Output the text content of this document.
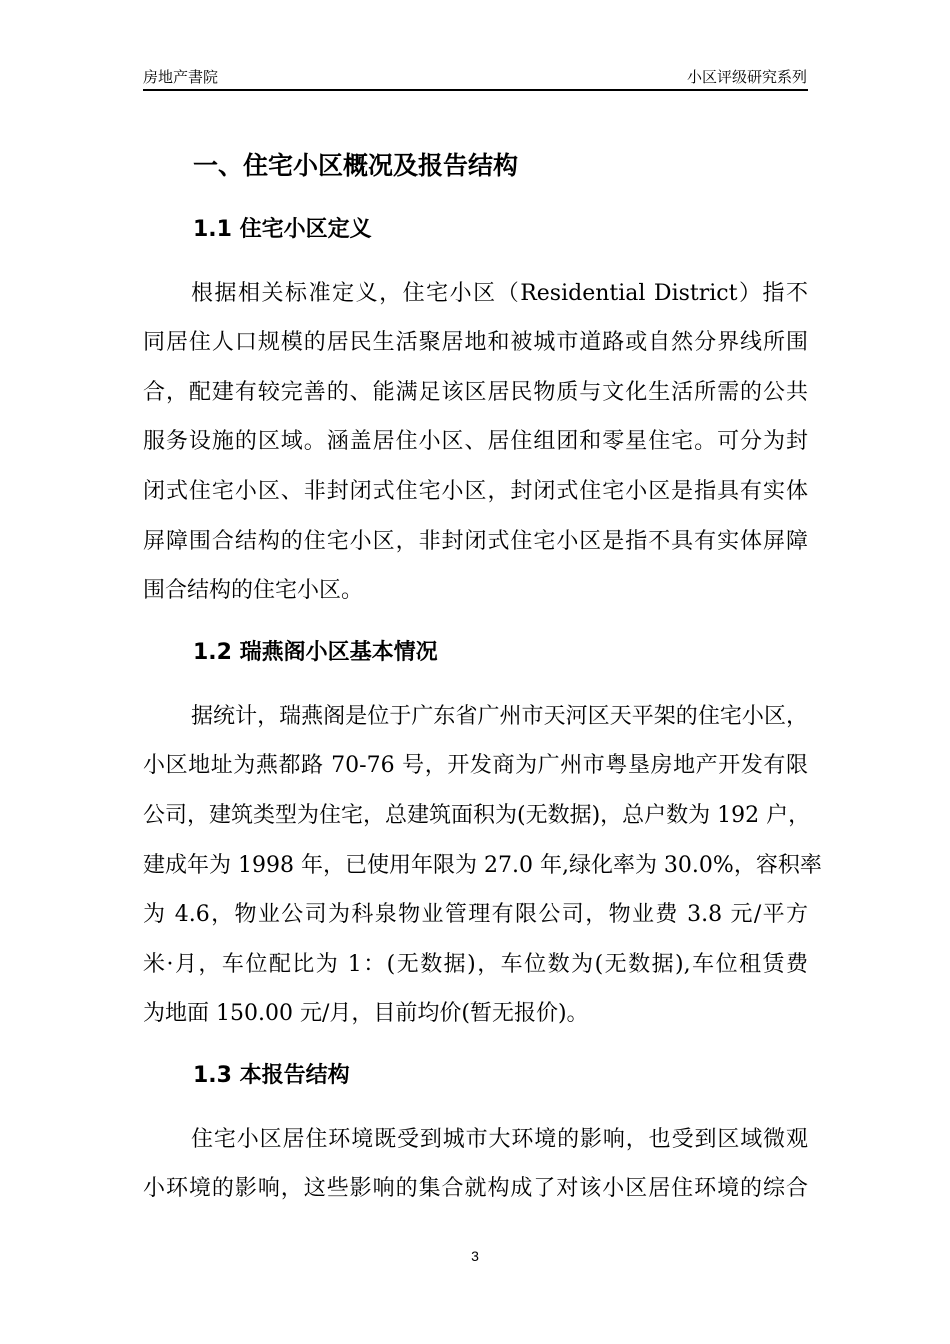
房地产書院	小区评级研究系列
一、住宅小区概况及报告结构
1.1 住宅小区定义
根据相关标准定义，住宅小区（Residential District）指不
同居住人口规模的居民生活聚居地和被城市道路或自然分界线所围
合，配建有较完善的、能满足该区居民物质与文化生活所需的公共
服务设施的区域。涵盖居住小区、居住组团和零星住宅。可分为封
闭式住宅小区、非封闭式住宅小区，封闭式住宅小区是指具有实体
屏障围合结构的住宅小区，非封闭式住宅小区是指不具有实体屏障
围合结构的住宅小区。
1.2 瑞燕阁小区基本情况
据统计，瑞燕阁是位于广东省广州市天河区天平架的住宅小区，
小区地址为燕都路 70-76 号，开发商为广州市粤垦房地产开发有限
公司，建筑类型为住宅，总建筑面积为(无数据)，总户数为 192 户，
建成年为 1998 年，已使用年限为 27.0 年,绿化率为 30.0%，容积率
为 4.6，物业公司为科泉物业管理有限公司，物业费 3.8 元/平方
米·月，车位配比为 1：(无数据)，车位数为(无数据),车位租赁费
为地面 150.00 元/月，目前均价(暂无报价)。
1.3 本报告结构
住宅小区居住环境既受到城市大环境的影响，也受到区域微观
小环境的影响，这些影响的集合就构成了对该小区居住环境的综合
3
